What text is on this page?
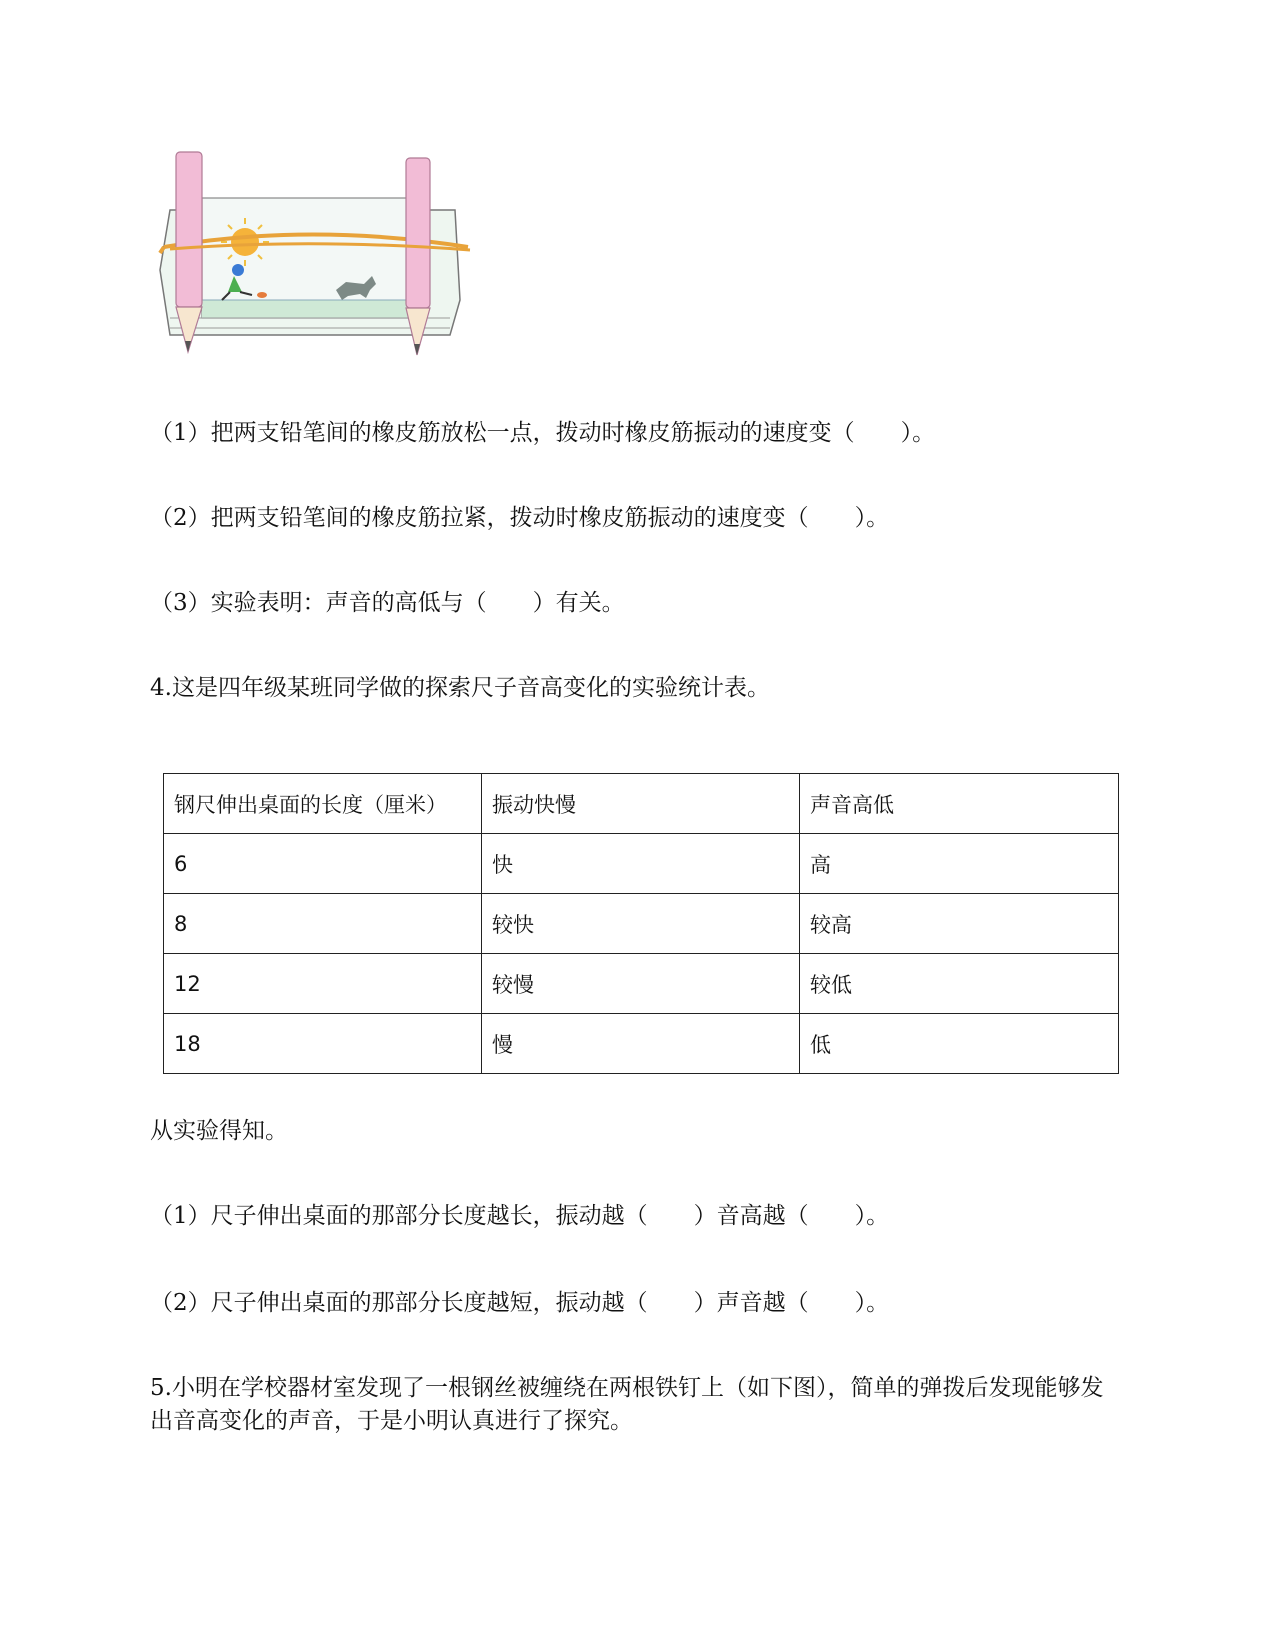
（1）把两支铅笔间的橡皮筋放松一点，拨动时橡皮筋振动的速度变（　　）。
（2）把两支铅笔间的橡皮筋拉紧，拨动时橡皮筋振动的速度变（　　）。
（3）实验表明：声音的高低与（　　）有关。
4.这是四年级某班同学做的探索尺子音高变化的实验统计表。
钢尺伸出桌面的长度（厘米）	振动快慢	声音高低
6	快	高
8	较快	较高
12	较慢	较低
18	慢	低
从实验得知。
（1）尺子伸出桌面的那部分长度越长，振动越（　　）音高越（　　）。
（2）尺子伸出桌面的那部分长度越短，振动越（　　）声音越（　　）。
5.小明在学校器材室发现了一根钢丝被缠绕在两根铁钉上（如下图），简单的弹拨后发现能够发出音高变化的声音，于是小明认真进行了探究。
